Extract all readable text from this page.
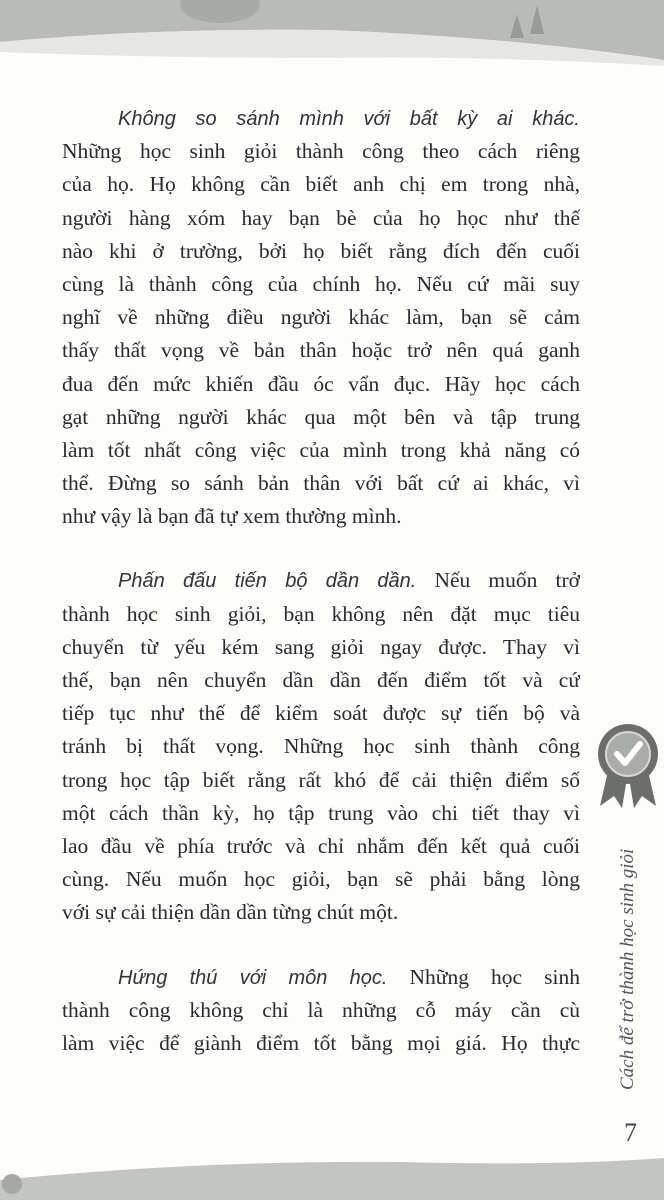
Không so sánh mình với bất kỳ ai khác.
Những học sinh giỏi thành công theo cách riêng
của họ. Họ không cần biết anh chị em trong nhà,
người hàng xóm hay bạn bè của họ học như thế
nào khi ở trường, bởi họ biết rằng đích đến cuối
cùng là thành công của chính họ. Nếu cứ mãi suy
nghĩ về những điều người khác làm, bạn sẽ cảm
thấy thất vọng về bản thân hoặc trở nên quá ganh
đua đến mức khiến đầu óc vẩn đục. Hãy học cách
gạt những người khác qua một bên và tập trung
làm tốt nhất công việc của mình trong khả năng có
thể. Đừng so sánh bản thân với bất cứ ai khác, vì
như vậy là bạn đã tự xem thường mình.
Phấn đấu tiến bộ dần dần. Nếu muốn trở
thành học sinh giỏi, bạn không nên đặt mục tiêu
chuyển từ yếu kém sang giỏi ngay được. Thay vì
thế, bạn nên chuyển dần dần đến điểm tốt và cứ
tiếp tục như thế để kiểm soát được sự tiến bộ và
tránh bị thất vọng. Những học sinh thành công
trong học tập biết rằng rất khó để cải thiện điểm số
một cách thần kỳ, họ tập trung vào chi tiết thay vì
lao đầu về phía trước và chỉ nhắm đến kết quả cuối
cùng. Nếu muốn học giỏi, bạn sẽ phải bằng lòng
với sự cải thiện dần dần từng chút một.
Hứng thú với môn học. Những học sinh
thành công không chỉ là những cỗ máy cần cù
làm việc để giành điểm tốt bằng mọi giá. Họ thực Cách để trở thành học sinh giỏi
7
